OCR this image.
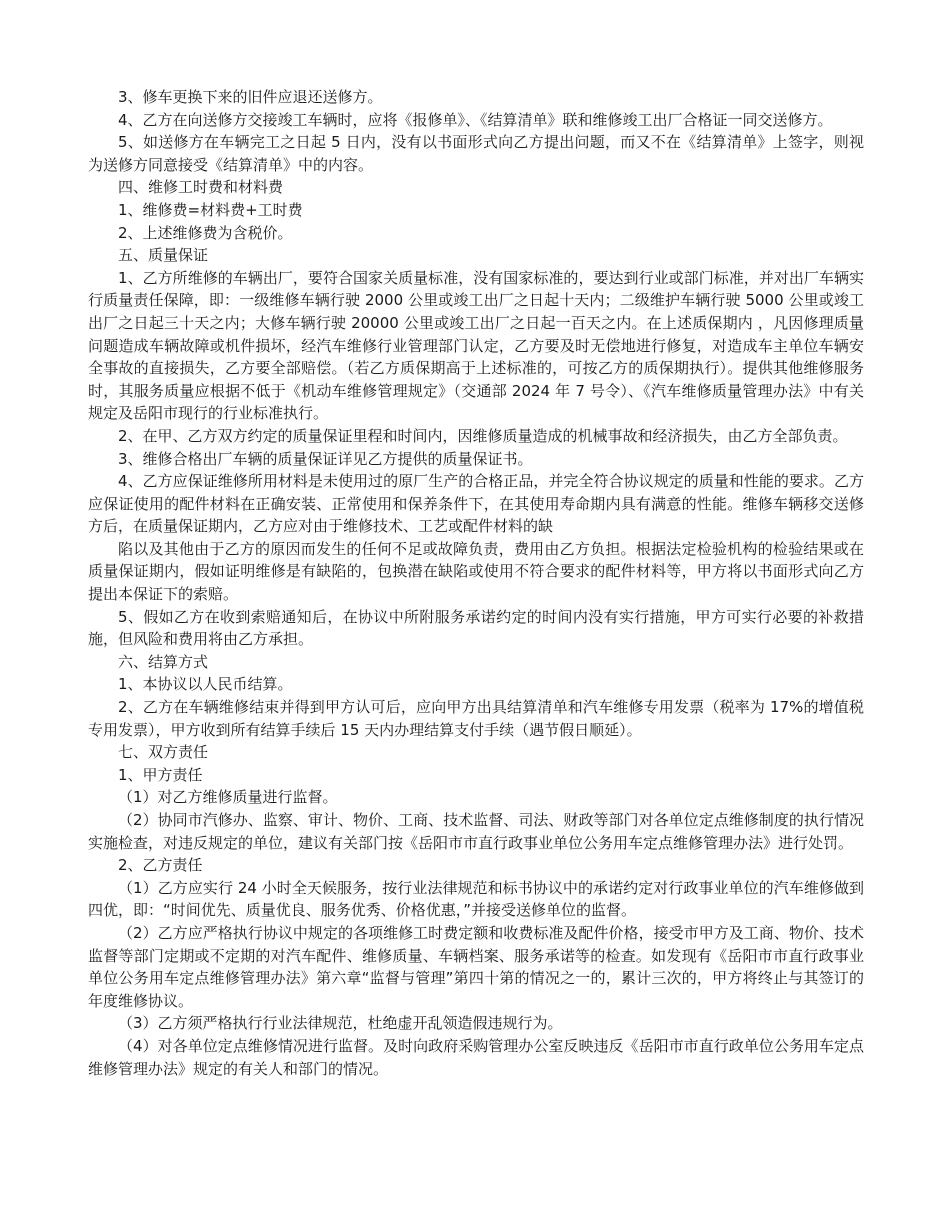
3、修车更换下来的旧件应退还送修方。

4、乙方在向送修方交接竣工车辆时，应将《报修单》、《结算清单》联和维修竣工出厂合格证一同交送修方。

5、如送修方在车辆完工之日起 5 日内，没有以书面形式向乙方提出问题，而又不在《结算清单》上签字，则视为送修方同意接受《结算清单》中的内容。

四、维修工时费和材料费

1、维修费=材料费+工时费

2、上述维修费为含税价。

五、质量保证

1、乙方所维修的车辆出厂，要符合国家关质量标准，没有国家标准的，要达到行业或部门标准，并对出厂车辆实行质量责任保障，即：一级维修车辆行驶 2000 公里或竣工出厂之日起十天内；二级维护车辆行驶 5000 公里或竣工出厂之日起三十天之内；大修车辆行驶 20000 公里或竣工出厂之日起一百天之内。在上述质保期内 ，凡因修理质量问题造成车辆故障或机件损坏，经汽车维修行业管理部门认定，乙方要及时无偿地进行修复，对造成车主单位车辆安全事故的直接损失，乙方要全部赔偿。（若乙方质保期高于上述标准的，可按乙方的质保期执行）。提供其他维修服务时，其服务质量应根据不低于《机动车维修管理规定》（交通部 2024 年 7 号令）、《汽车维修质量管理办法》中有关规定及岳阳市现行的行业标准执行。

2、在甲、乙方双方约定的质量保证里程和时间内，因维修质量造成的机械事故和经济损失，由乙方全部负责。

3、维修合格出厂车辆的质量保证详见乙方提供的质量保证书。

4、乙方应保证维修所用材料是未使用过的原厂生产的合格正品，并完全符合协议规定的质量和性能的要求。乙方应保证使用的配件材料在正确安装、正常使用和保养条件下，在其使用寿命期内具有满意的性能。维修车辆移交送修方后，在质量保证期内，乙方应对由于维修技术、工艺或配件材料的缺

陷以及其他由于乙方的原因而发生的任何不足或故障负责，费用由乙方负担。根据法定检验机构的检验结果或在质量保证期内，假如证明维修是有缺陷的，包换潜在缺陷或使用不符合要求的配件材料等，甲方将以书面形式向乙方提出本保证下的索赔。

5、假如乙方在收到索赔通知后，在协议中所附服务承诺约定的时间内没有实行措施，甲方可实行必要的补救措施，但风险和费用将由乙方承担。

六、结算方式

1、本协议以人民币结算。

2、乙方在车辆维修结束并得到甲方认可后，应向甲方出具结算清单和汽车维修专用发票（税率为 17%的增值税专用发票），甲方收到所有结算手续后 15 天内办理结算支付手续（遇节假日顺延）。

七、双方责任

1、甲方责任

（1）对乙方维修质量进行监督。

（2）协同市汽修办、监察、审计、物价、工商、技术监督、司法、财政等部门对各单位定点维修制度的执行情况实施检查，对违反规定的单位，建议有关部门按《岳阳市市直行政事业单位公务用车定点维修管理办法》进行处罚。

2、乙方责任

（1）乙方应实行 24 小时全天候服务，按行业法律规范和标书协议中的承诺约定对行政事业单位的汽车维修做到四优，即：“时间优先、质量优良、服务优秀、价格优惠，”并接受送修单位的监督。

（2）乙方应严格执行协议中规定的各项维修工时费定额和收费标准及配件价格，接受市甲方及工商、物价、技术监督等部门定期或不定期的对汽车配件、维修质量、车辆档案、服务承诺等的检查。如发现有《岳阳市市直行政事业单位公务用车定点维修管理办法》第六章“监督与管理”第四十第的情况之一的，累计三次的，甲方将终止与其签订的年度维修协议。

（3）乙方须严格执行行业法律规范，杜绝虚开乱领造假违规行为。

（4）对各单位定点维修情况进行监督。及时向政府采购管理办公室反映违反《岳阳市市直行政单位公务用车定点维修管理办法》规定的有关人和部门的情况。
